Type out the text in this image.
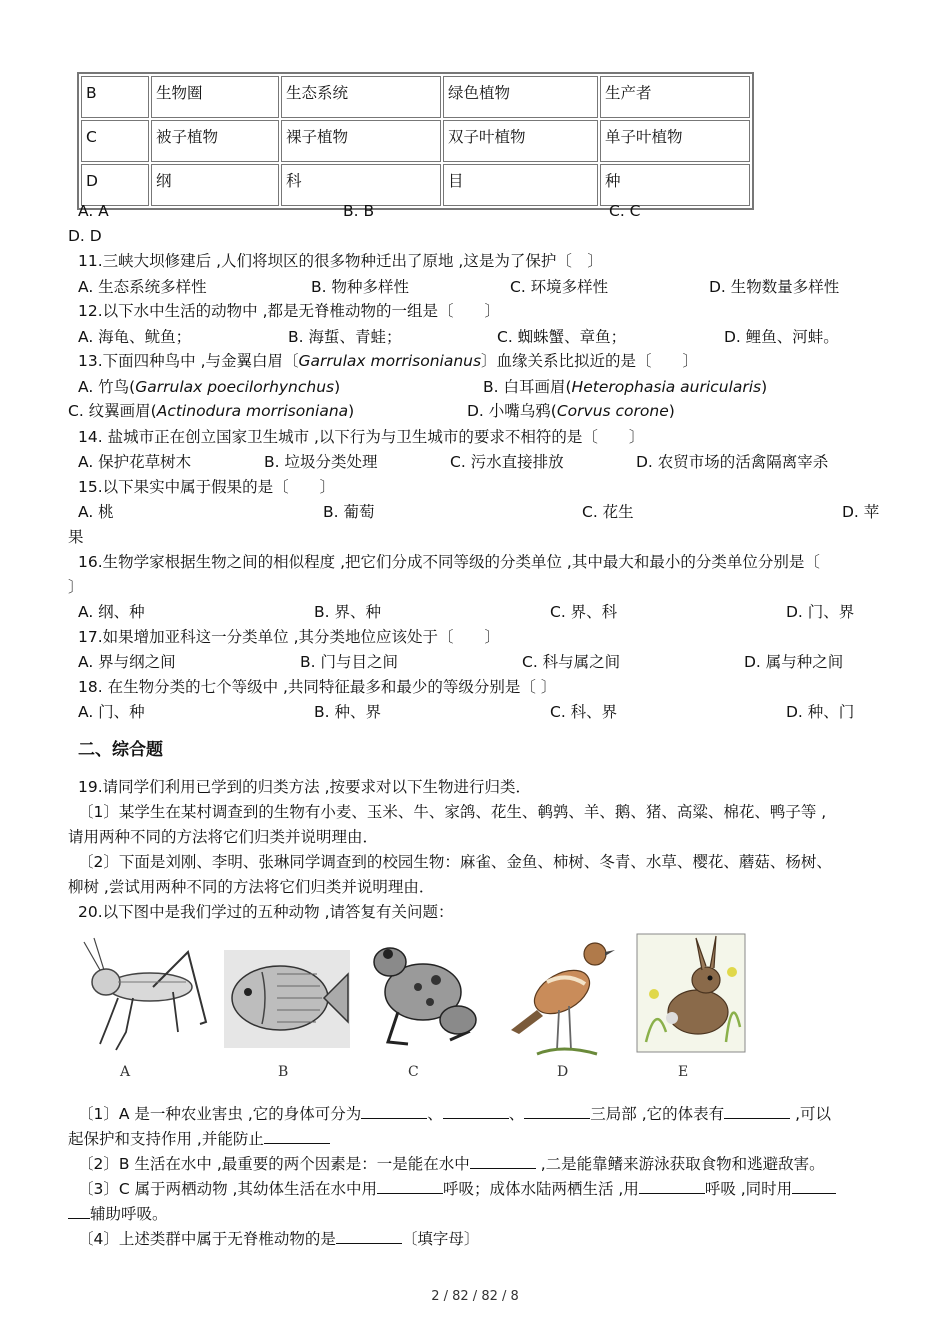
B	生物圈	生态系统	绿色植物	生产者
C	被子植物	裸子植物	双子叶植物	单子叶植物
D	纲	科	目	种
A. A	B. B	C. C
D. D
11.三峡大坝修建后 ,人们将坝区的很多物种迁出了原地 ,这是为了保护〔　〕
A. 生态系统多样性	B. 物种多样性	C. 环境多样性	D. 生物数量多样性
12.以下水中生活的动物中 ,都是无脊椎动物的一组是〔　　〕
A. 海龟、鱿鱼；	B. 海蜇、青蛙；	C. 蜘蛛蟹、章鱼；	D. 鲤鱼、河蚌。
13.下面四种鸟中 ,与金翼白眉〔Garrulax morrisonianus〕血缘关系比拟近的是〔　　〕
A. 竹鸟(Garrulax poecilorhynchus)	B. 白耳画眉(Heterophasia auricularis)
C. 纹翼画眉(Actinodura morrisoniana)	D. 小嘴乌鸦(Corvus corone)
14. 盐城市正在创立国家卫生城市 ,以下行为与卫生城市的要求不相符的是〔　　〕
A. 保护花草树木	B. 垃圾分类处理	C. 污水直接排放	D. 农贸市场的活禽隔离宰杀
15.以下果实中属于假果的是〔　　〕
A. 桃	B. 葡萄	C. 花生	D. 苹
果
16.生物学家根据生物之间的相似程度 ,把它们分成不同等级的分类单位 ,其中最大和最小的分类单位分别是〔
〕
A. 纲、种	B. 界、种	C. 界、科	D. 门、界
17.如果增加亚科这一分类单位 ,其分类地位应该处于〔　　〕
A. 界与纲之间	B. 门与目之间	C. 科与属之间	D. 属与种之间
18. 在生物分类的七个等级中 ,共同特征最多和最少的等级分别是〔 〕
A. 门、种	B. 种、界	C. 科、界	D. 种、门
二、综合题
19.请同学们利用已学到的归类方法 ,按要求对以下生物进行归类．
〔1〕某学生在某村调查到的生物有小麦、玉米、牛、家鸽、花生、鹌鹑、羊、鹅、猪、高粱、棉花、鸭子等 ,
请用两种不同的方法将它们归类并说明理由．
〔2〕下面是刘刚、李明、张琳同学调查到的校园生物：麻雀、金鱼、柿树、冬青、水草、樱花、蘑菇、杨树、
柳树 ,尝试用两种不同的方法将它们归类并说明理由．
20.以下图中是我们学过的五种动物 ,请答复有关问题：
A	B	C	D	E
〔1〕A 是一种农业害虫 ,它的身体可分为	、	、	三局部 ,它的体表有	,可以
起保护和支持作用 ,并能防止
〔2〕B 生活在水中 ,最重要的两个因素是：一是能在水中	,二是能靠鳍来游泳获取食物和逃避敌害。
〔3〕C 属于两栖动物 ,其幼体生活在水中用	呼吸；成体水陆两栖生活 ,用	呼吸 ,同时用
辅助呼吸。
〔4〕上述类群中属于无脊椎动物的是	〔填字母〕
2 / 82 / 82 / 8
